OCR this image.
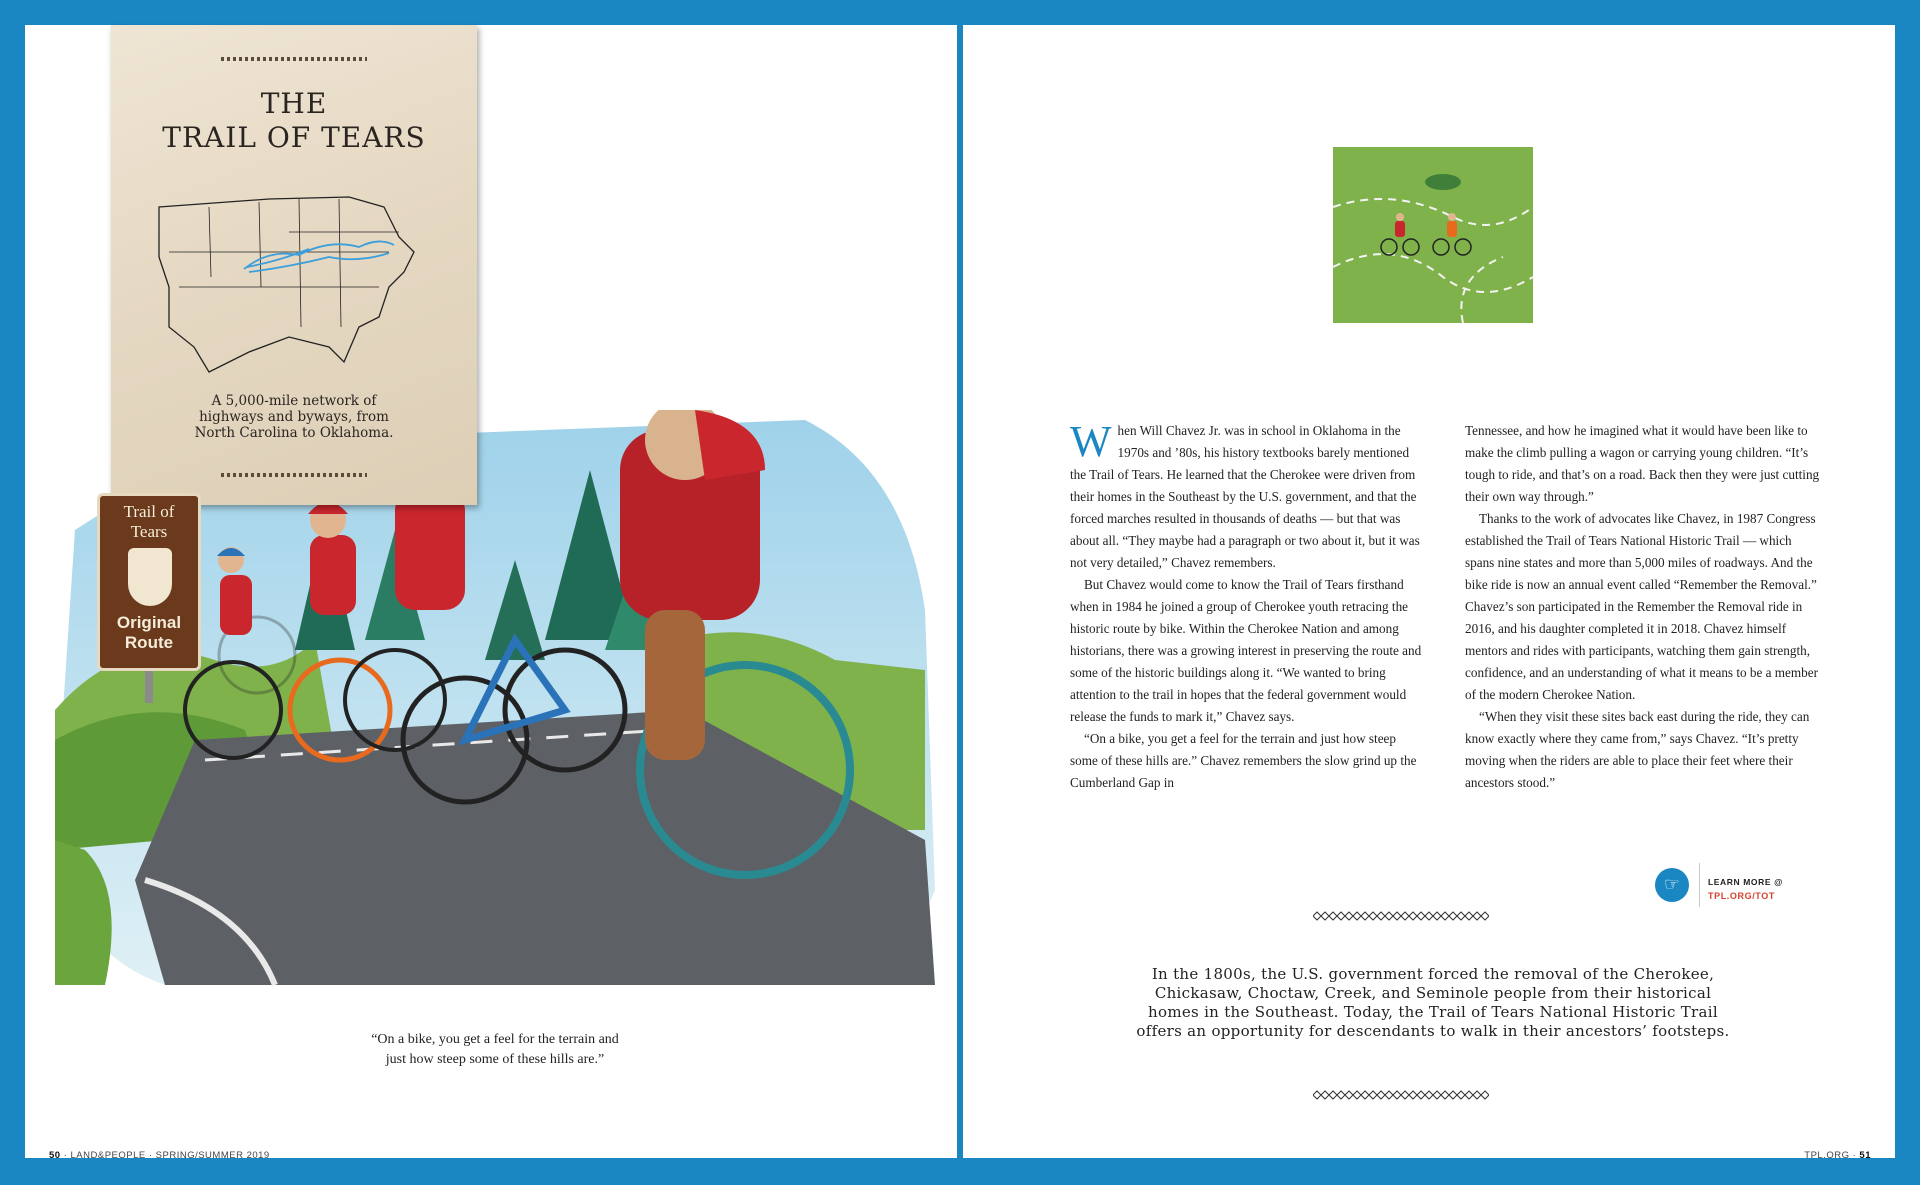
THE
TRAIL OF TEARS
A 5,000-mile network of
highways and byways, from
North Carolina to Oklahoma.
Trail of
Tears
Original
Route
“On a bike, you get a feel for the terrain and
just how steep some of these hills are.”
50 · LAND&PEOPLE · SPRING/SUMMER 2019

When Will Chavez Jr. was in school in Oklahoma in the 1970s and ’80s, his history textbooks barely mentioned the Trail of Tears. He learned that the Cherokee were driven from their homes in the Southeast by the U.S. government, and that the forced marches resulted in thousands of deaths — but that was about all. “They maybe had a paragraph or two about it, but it was not very detailed,” Chavez remembers.

But Chavez would come to know the Trail of Tears firsthand when in 1984 he joined a group of Cherokee youth retracing the historic route by bike. Within the Cherokee Nation and among historians, there was a growing interest in preserving the route and some of the historic buildings along it. “We wanted to bring attention to the trail in hopes that the federal government would release the funds to mark it,” Chavez says.

“On a bike, you get a feel for the terrain and just how steep some of these hills are.” Chavez remembers the slow grind up the Cumberland Gap in

Tennessee, and how he imagined what it would have been like to make the climb pulling a wagon or carrying young children. “It’s tough to ride, and that’s on a road. Back then they were just cutting their own way through.”

Thanks to the work of advocates like Chavez, in 1987 Congress established the Trail of Tears National Historic Trail — which spans nine states and more than 5,000 miles of roadways. And the bike ride is now an annual event called “Remember the Removal.” Chavez’s son participated in the Remember the Removal ride in 2016, and his daughter completed it in 2018. Chavez himself mentors and rides with participants, watching them gain strength, confidence, and an understanding of what it means to be a member of the modern Cherokee Nation.

“When they visit these sites back east during the ride, they can know exactly where they came from,” says Chavez. “It’s pretty moving when the riders are able to place their feet where their ancestors stood.”

☞	LEARN MORE @
TPL.ORG/TOT
In the 1800s, the U.S. government forced the removal of the Cherokee,
Chickasaw, Choctaw, Creek, and Seminole people from their historical
homes in the Southeast. Today, the Trail of Tears National Historic Trail
offers an opportunity for descendants to walk in their ancestors’ footsteps.
TPL.ORG · 51
